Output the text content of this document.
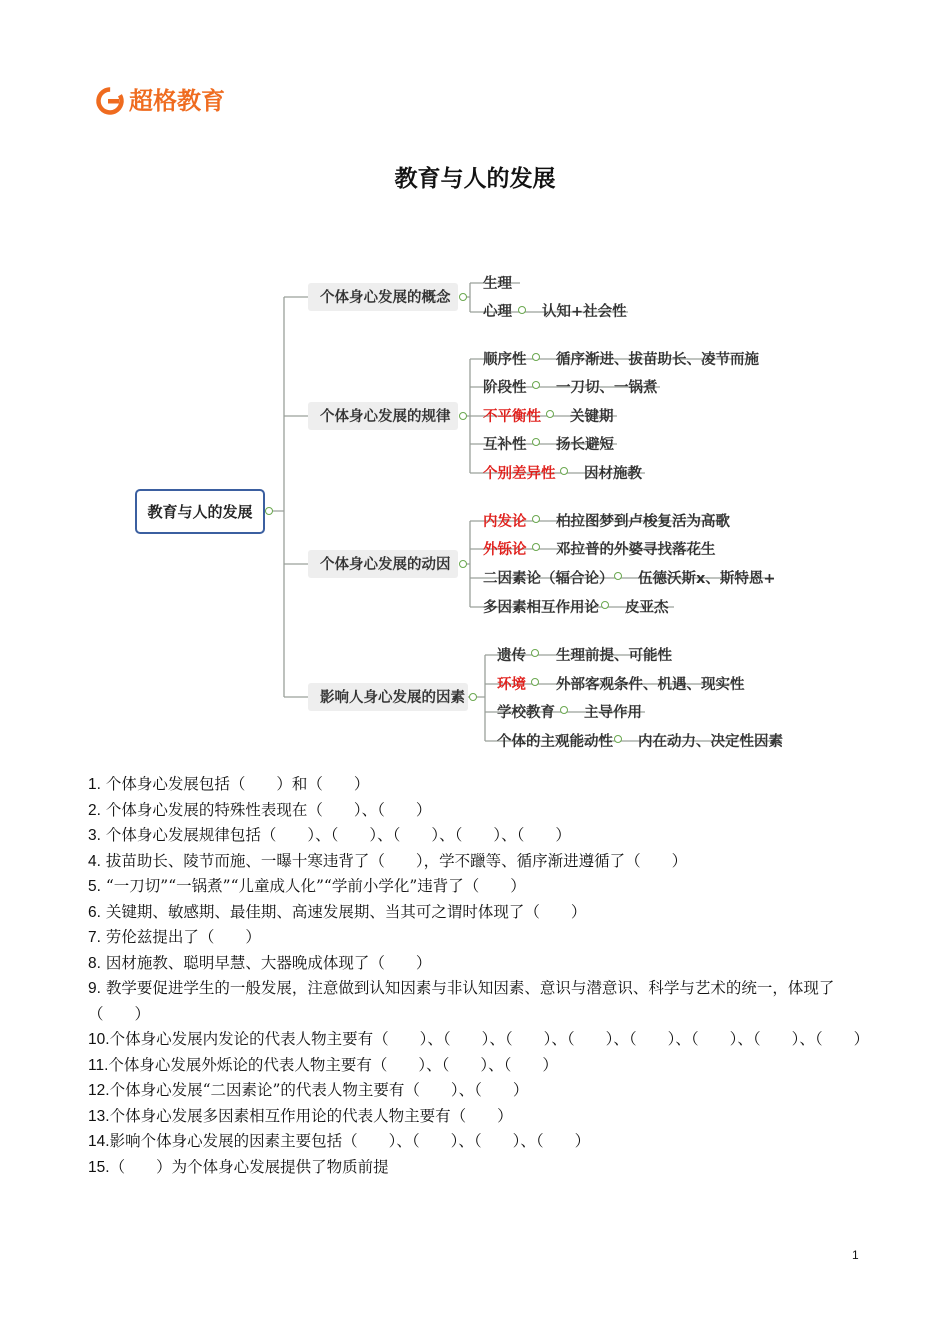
超格教育
教育与人的发展
教育与人的发展
个体身心发展的概念
个体身心发展的规律
个体身心发展的动因
影响人身心发展的因素
生理
心理 认知+社会性
顺序性 循序渐进、拔苗助长、凌节而施
阶段性 一刀切、一锅煮
不平衡性 关键期
互补性 扬长避短
个别差异性 因材施教
内发论 柏拉图梦到卢梭复活为高歌
外铄论 邓拉普的外婆寻找落花生
二因素论（辐合论） 伍德沃斯x、斯特恩+
多因素相互作用论 皮亚杰
遗传 生理前提、可能性
环境 外部客观条件、机遇、现实性
学校教育 主导作用
个体的主观能动性 内在动力、决定性因素

1. 个体身心发展包括（　　）和（　　）

2. 个体身心发展的特殊性表现在（　　）、（　　）

3. 个体身心发展规律包括（　　）、（　　）、（　　）、（　　）、（　　）

4. 拔苗助长、陵节而施、一曝十寒违背了（　　），学不躐等、循序渐进遵循了（　　）

5. “一刀切”“一锅煮”“儿童成人化”“学前小学化”违背了（　　）

6. 关键期、敏感期、最佳期、高速发展期、当其可之谓时体现了（　　）

7. 劳伦兹提出了（　　）

8. 因材施教、聪明早慧、大器晚成体现了（　　）

9. 教学要促进学生的一般发展，注意做到认知因素与非认知因素、意识与潜意识、科学与艺术的统一，体现了（　　）

10.个体身心发展内发论的代表人物主要有（　　）、（　　）、（　　）、（　　）、（　　）、（　　）、（　　）、（　　）

11.个体身心发展外烁论的代表人物主要有（　　）、（　　）、（　　）

12.个体身心发展“二因素论”的代表人物主要有（　　）、（　　）

13.个体身心发展多因素相互作用论的代表人物主要有（　　）

14.影响个体身心发展的因素主要包括（　　）、（　　）、（　　）、（　　）

15.（　　）为个体身心发展提供了物质前提

1
